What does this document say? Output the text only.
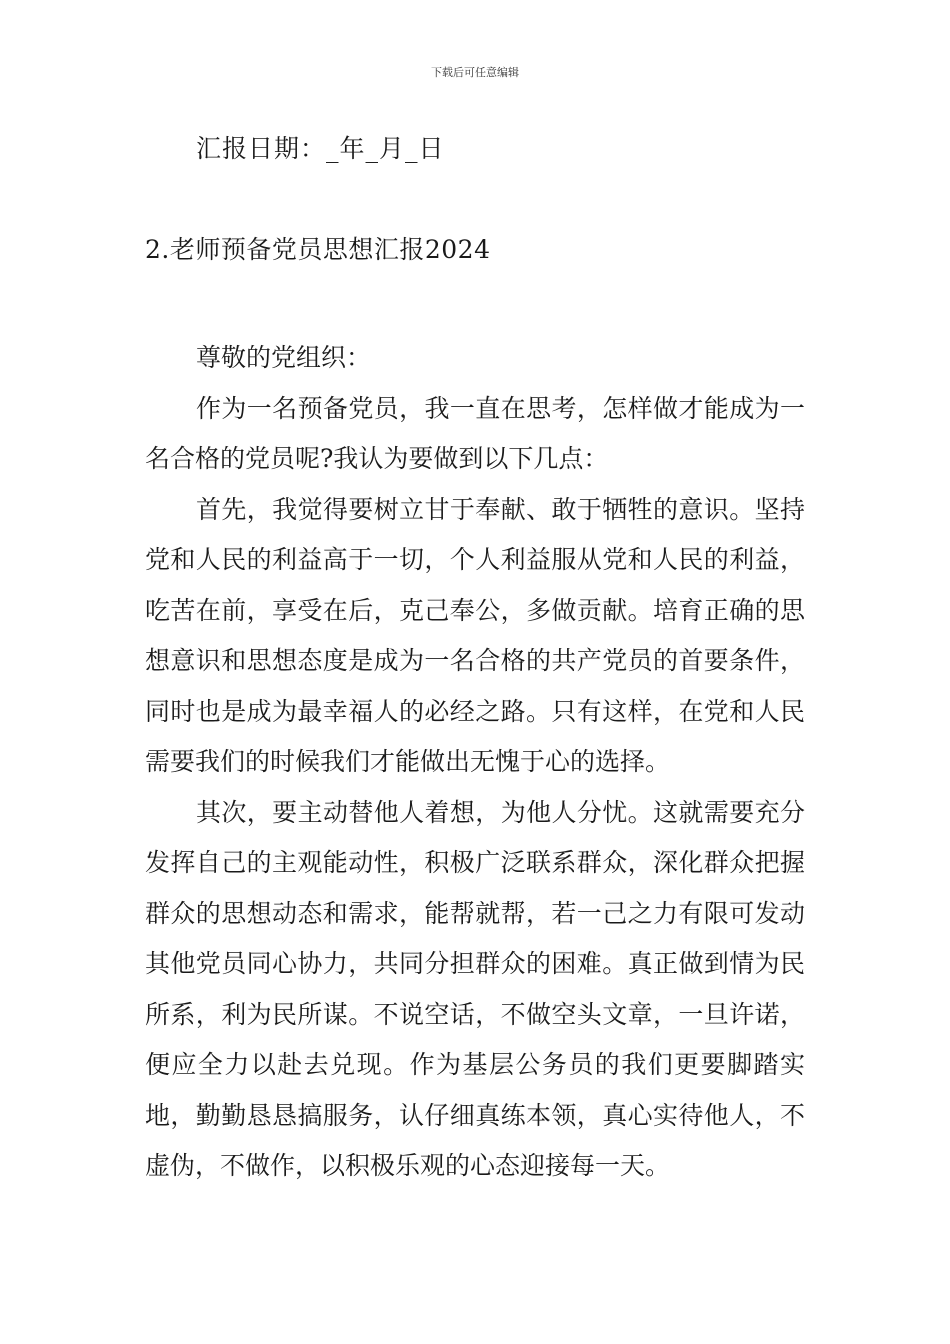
下载后可任意编辑
汇报日期：_年_月_日
2.老师预备党员思想汇报2024

尊敬的党组织：

作为一名预备党员，我一直在思考，怎样做才能成为一名合格的党员呢?我认为要做到以下几点：

首先，我觉得要树立甘于奉献、敢于牺牲的意识。坚持党和人民的利益高于一切，个人利益服从党和人民的利益，吃苦在前，享受在后，克己奉公，多做贡献。培育正确的思想意识和思想态度是成为一名合格的共产党员的首要条件，同时也是成为最幸福人的必经之路。只有这样，在党和人民需要我们的时候我们才能做出无愧于心的选择。

其次，要主动替他人着想，为他人分忧。这就需要充分发挥自己的主观能动性，积极广泛联系群众，深化群众把握群众的思想动态和需求，能帮就帮，若一己之力有限可发动其他党员同心协力，共同分担群众的困难。真正做到情为民所系，利为民所谋。不说空话，不做空头文章，一旦许诺，便应全力以赴去兑现。作为基层公务员的我们更要脚踏实地，勤勤恳恳搞服务，认仔细真练本领，真心实待他人，不虚伪，不做作，以积极乐观的心态迎接每一天。
